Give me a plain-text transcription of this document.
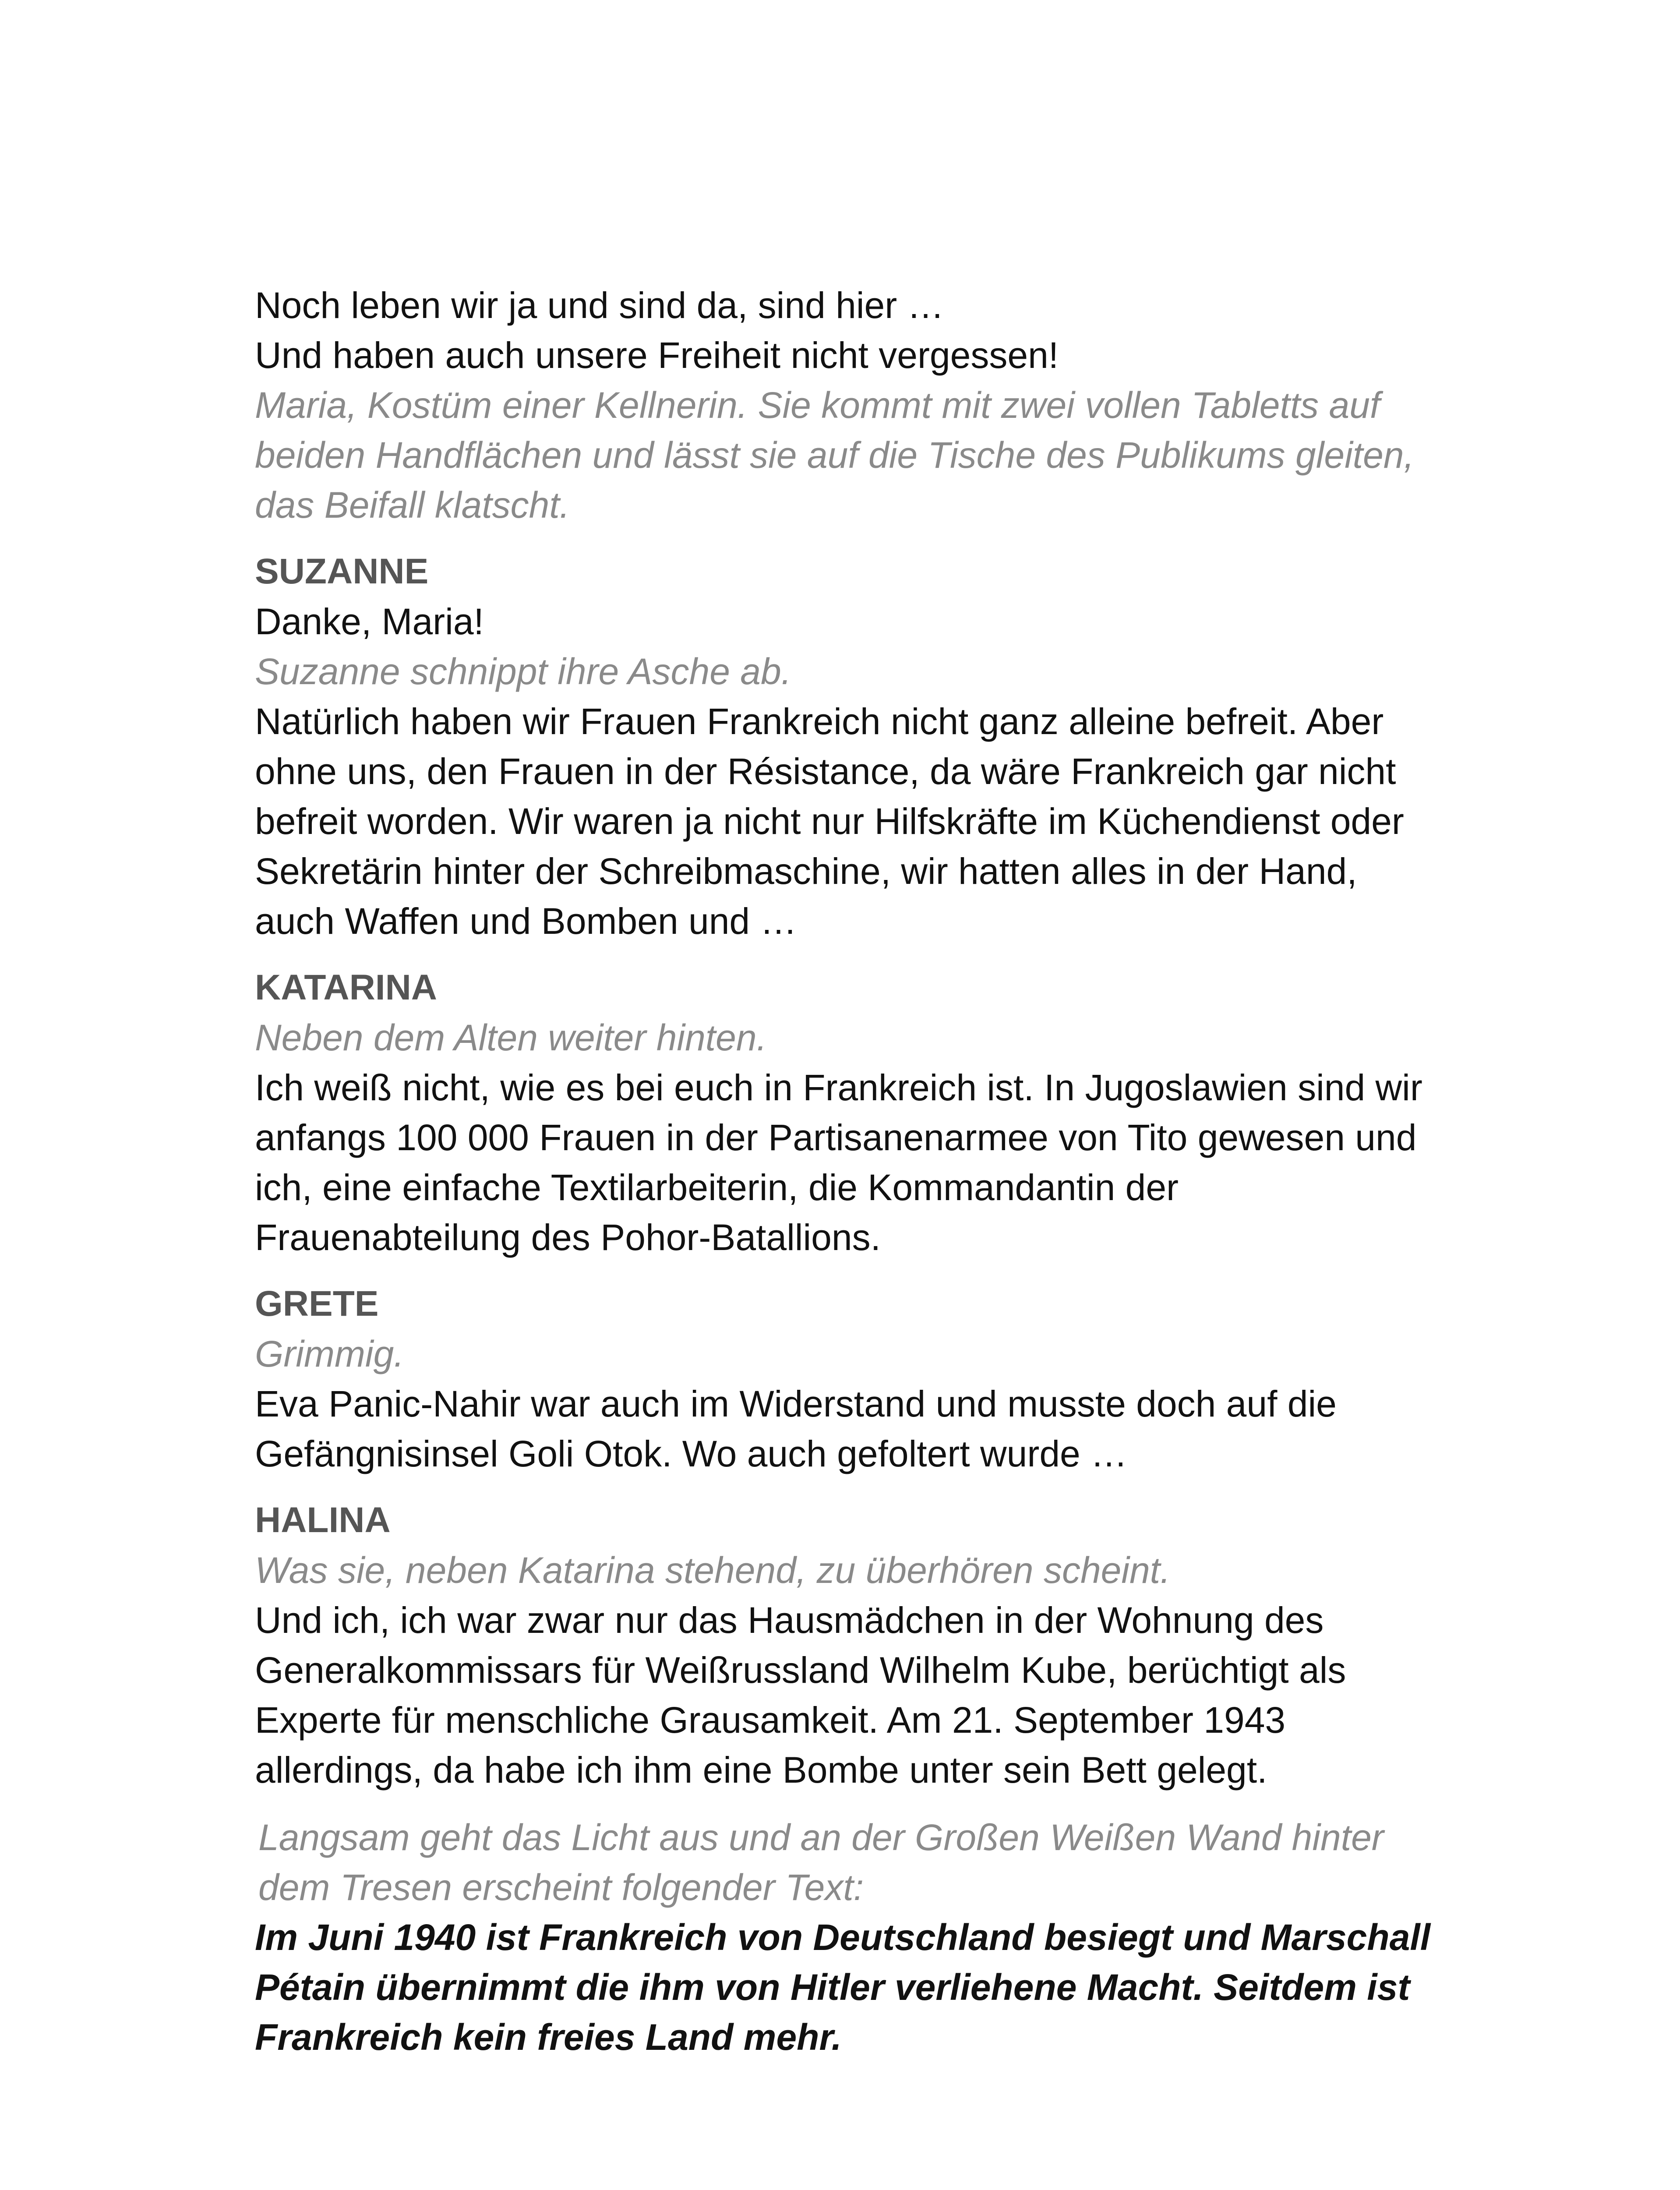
Noch leben wir ja und sind da, sind hier …
Und haben auch unsere Freiheit nicht vergessen!
Maria, Kostüm einer Kellnerin. Sie kommt mit zwei vollen Tabletts auf
beiden Handflächen und lässt sie auf die Tische des Publikums gleiten,
das Beifall klatscht.
SUZANNE
Danke, Maria!
Suzanne schnippt ihre Asche ab.
Natürlich haben wir Frauen Frankreich nicht ganz alleine befreit. Aber
ohne uns, den Frauen in der Résistance, da wäre Frankreich gar nicht
befreit worden. Wir waren ja nicht nur Hilfskräfte im Küchendienst oder
Sekretärin hinter der Schreibmaschine, wir hatten alles in der Hand,
auch Waffen und Bomben und …
KATARINA
Neben dem Alten weiter hinten.
Ich weiß nicht, wie es bei euch in Frankreich ist. In Jugoslawien sind wir
anfangs 100 000 Frauen in der Partisanenarmee von Tito gewesen und
ich, eine einfache Textilarbeiterin, die Kommandantin der
Frauenabteilung des Pohor-Batallions.
GRETE
Grimmig.
Eva Panic-Nahir war auch im Widerstand und musste doch auf die
Gefängnisinsel Goli Otok. Wo auch gefoltert wurde …
HALINA
Was sie, neben Katarina stehend, zu überhören scheint.
Und ich, ich war zwar nur das Hausmädchen in der Wohnung des
Generalkommissars für Weißrussland Wilhelm Kube, berüchtigt als
Experte für menschliche Grausamkeit. Am 21. September 1943
allerdings, da habe ich ihm eine Bombe unter sein Bett gelegt.
Langsam geht das Licht aus und an der Großen Weißen Wand hinter
dem Tresen erscheint folgender Text:
Im Juni 1940 ist Frankreich von Deutschland besiegt und Marschall
Pétain übernimmt die ihm von Hitler verliehene Macht. Seitdem ist
Frankreich kein freies Land mehr.
